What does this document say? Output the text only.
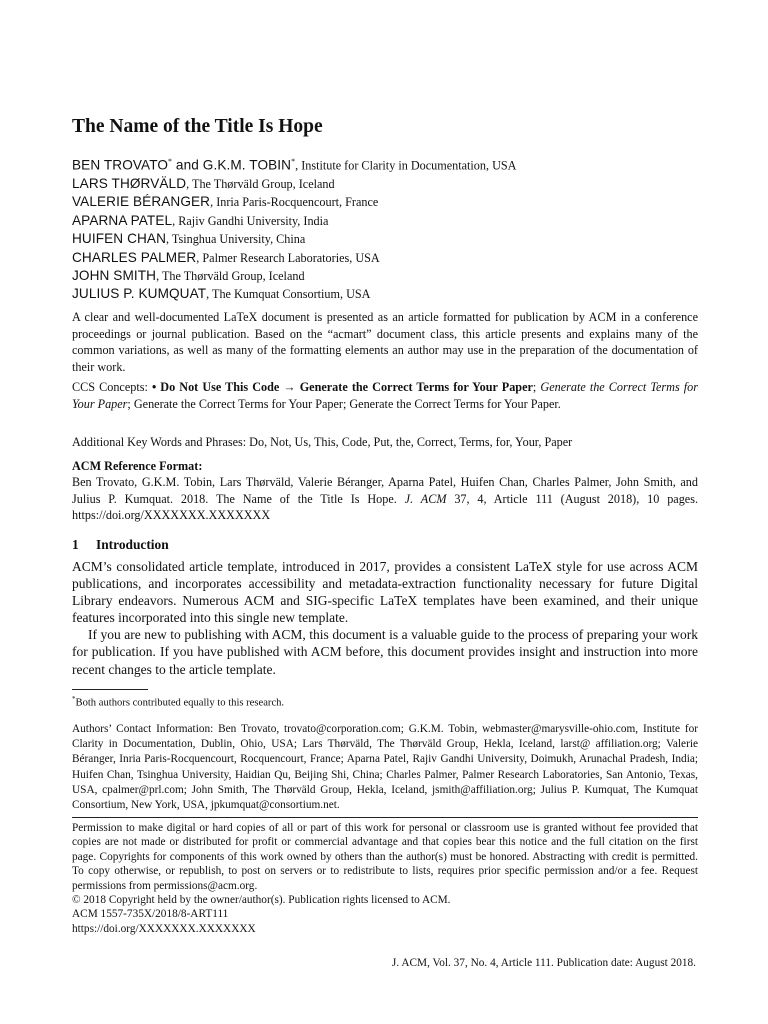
The Name of the Title Is Hope
BEN TROVATO* and G.K.M. TOBIN*, Institute for Clarity in Documentation, USA
LARS THØRVÄLD, The Thørväld Group, Iceland
VALERIE BÉRANGER, Inria Paris-Rocquencourt, France
APARNA PATEL, Rajiv Gandhi University, India
HUIFEN CHAN, Tsinghua University, China
CHARLES PALMER, Palmer Research Laboratories, USA
JOHN SMITH, The Thørväld Group, Iceland
JULIUS P. KUMQUAT, The Kumquat Consortium, USA
A clear and well-documented LaTeX document is presented as an article formatted for publication by ACM in a conference proceedings or journal publication. Based on the “acmart” document class, this article presents and explains many of the common variations, as well as many of the formatting elements an author may use in the preparation of the documentation of their work.
CCS Concepts: • Do Not Use This Code → Generate the Correct Terms for Your Paper; Generate the Correct Terms for Your Paper; Generate the Correct Terms for Your Paper; Generate the Correct Terms for Your Paper.
Additional Key Words and Phrases: Do, Not, Us, This, Code, Put, the, Correct, Terms, for, Your, Paper
ACM Reference Format:
Ben Trovato, G.K.M. Tobin, Lars Thørväld, Valerie Béranger, Aparna Patel, Huifen Chan, Charles Palmer, John Smith, and Julius P. Kumquat. 2018. The Name of the Title Is Hope. J. ACM 37, 4, Article 111 (August 2018), 10 pages. https://doi.org/XXXXXXX.XXXXXXX
1 Introduction

ACM’s consolidated article template, introduced in 2017, provides a consistent LaTeX style for use across ACM publications, and incorporates accessibility and metadata-extraction functionality necessary for future Digital Library endeavors. Numerous ACM and SIG-specific LaTeX templates have been examined, and their unique features incorporated into this single new template.

If you are new to publishing with ACM, this document is a valuable guide to the process of preparing your work for publication. If you have published with ACM before, this document provides insight and instruction into more recent changes to the article template.

*Both authors contributed equally to this research.
Authors’ Contact Information: Ben Trovato, trovato@corporation.com; G.K.M. Tobin, webmaster@marysville-ohio.com, Institute for Clarity in Documentation, Dublin, Ohio, USA; Lars Thørväld, The Thørväld Group, Hekla, Iceland, larst@ affiliation.org; Valerie Béranger, Inria Paris-Rocquencourt, Rocquencourt, France; Aparna Patel, Rajiv Gandhi University, Doimukh, Arunachal Pradesh, India; Huifen Chan, Tsinghua University, Haidian Qu, Beijing Shi, China; Charles Palmer, Palmer Research Laboratories, San Antonio, Texas, USA, cpalmer@prl.com; John Smith, The Thørväld Group, Hekla, Iceland, jsmith@affiliation.org; Julius P. Kumquat, The Kumquat Consortium, New York, USA, jpkumquat@consortium.net.

Permission to make digital or hard copies of all or part of this work for personal or classroom use is granted without fee provided that copies are not made or distributed for profit or commercial advantage and that copies bear this notice and the full citation on the first page. Copyrights for components of this work owned by others than the author(s) must be honored. Abstracting with credit is permitted. To copy otherwise, or republish, to post on servers or to redistribute to lists, requires prior specific permission and/or a fee. Request permissions from permissions@acm.org.

© 2018 Copyright held by the owner/author(s). Publication rights licensed to ACM.
ACM 1557-735X/2018/8-ART111
https://doi.org/XXXXXXX.XXXXXXX
J. ACM, Vol. 37, No. 4, Article 111. Publication date: August 2018.
